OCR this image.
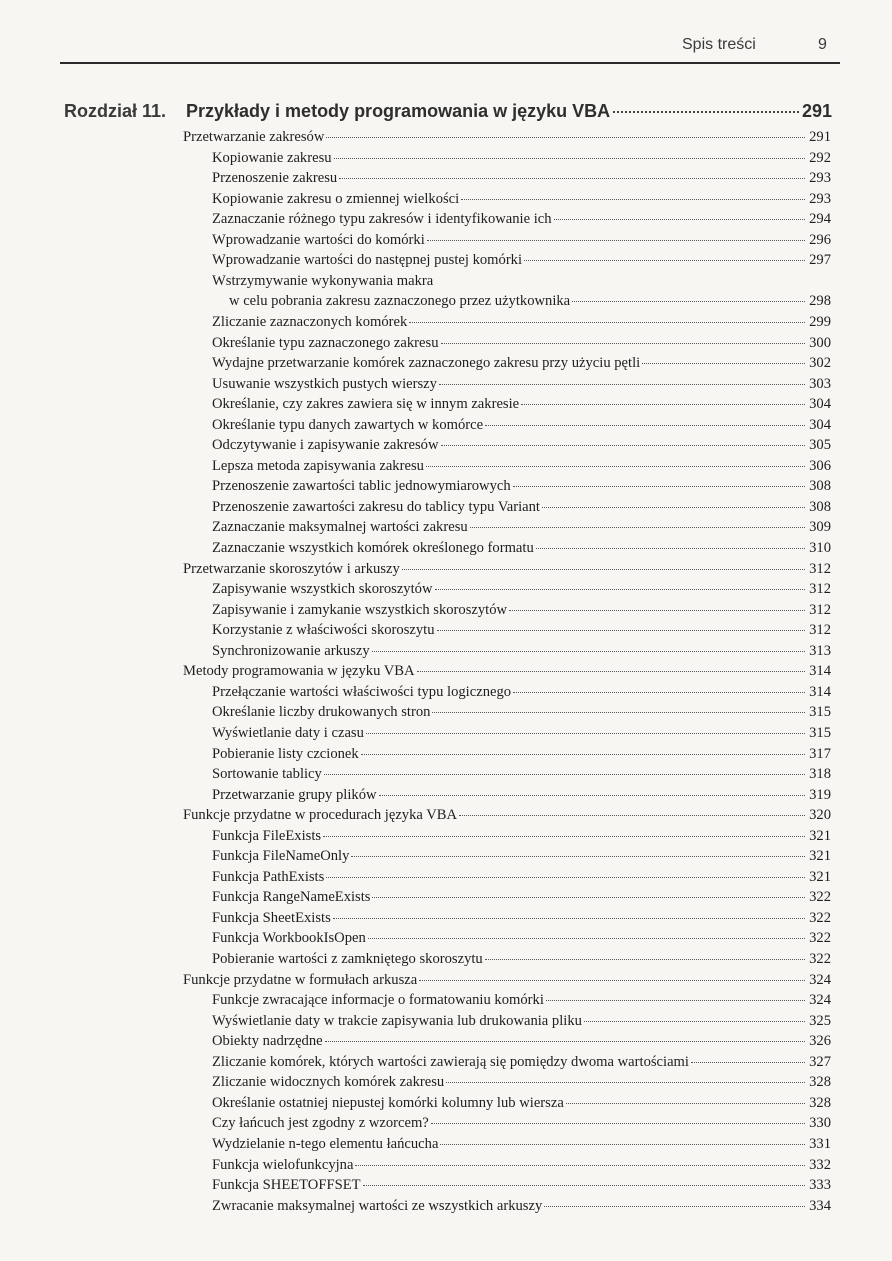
Spis treści	9
Rozdział 11. Przykłady i metody programowania w języku VBA	291
Przetwarzanie zakresów	291
Kopiowanie zakresu	292
Przenoszenie zakresu	293
Kopiowanie zakresu o zmiennej wielkości	293
Zaznaczanie różnego typu zakresów i identyfikowanie ich	294
Wprowadzanie wartości do komórki	296
Wprowadzanie wartości do następnej pustej komórki	297
Wstrzymywanie wykonywania makra
w celu pobrania zakresu zaznaczonego przez użytkownika	298
Zliczanie zaznaczonych komórek	299
Określanie typu zaznaczonego zakresu	300
Wydajne przetwarzanie komórek zaznaczonego zakresu przy użyciu pętli	302
Usuwanie wszystkich pustych wierszy	303
Określanie, czy zakres zawiera się w innym zakresie	304
Określanie typu danych zawartych w komórce	304
Odczytywanie i zapisywanie zakresów	305
Lepsza metoda zapisywania zakresu	306
Przenoszenie zawartości tablic jednowymiarowych	308
Przenoszenie zawartości zakresu do tablicy typu Variant	308
Zaznaczanie maksymalnej wartości zakresu	309
Zaznaczanie wszystkich komórek określonego formatu	310
Przetwarzanie skoroszytów i arkuszy	312
Zapisywanie wszystkich skoroszytów	312
Zapisywanie i zamykanie wszystkich skoroszytów	312
Korzystanie z właściwości skoroszytu	312
Synchronizowanie arkuszy	313
Metody programowania w języku VBA	314
Przełączanie wartości właściwości typu logicznego	314
Określanie liczby drukowanych stron	315
Wyświetlanie daty i czasu	315
Pobieranie listy czcionek	317
Sortowanie tablicy	318
Przetwarzanie grupy plików	319
Funkcje przydatne w procedurach języka VBA	320
Funkcja FileExists	321
Funkcja FileNameOnly	321
Funkcja PathExists	321
Funkcja RangeNameExists	322
Funkcja SheetExists	322
Funkcja WorkbookIsOpen	322
Pobieranie wartości z zamkniętego skoroszytu	322
Funkcje przydatne w formułach arkusza	324
Funkcje zwracające informacje o formatowaniu komórki	324
Wyświetlanie daty w trakcie zapisywania lub drukowania pliku	325
Obiekty nadrzędne	326
Zliczanie komórek, których wartości zawierają się pomiędzy dwoma wartościami	327
Zliczanie widocznych komórek zakresu	328
Określanie ostatniej niepustej komórki kolumny lub wiersza	328
Czy łańcuch jest zgodny z wzorcem?	330
Wydzielanie n-tego elementu łańcucha	331
Funkcja wielofunkcyjna	332
Funkcja SHEETOFFSET	333
Zwracanie maksymalnej wartości ze wszystkich arkuszy	334
